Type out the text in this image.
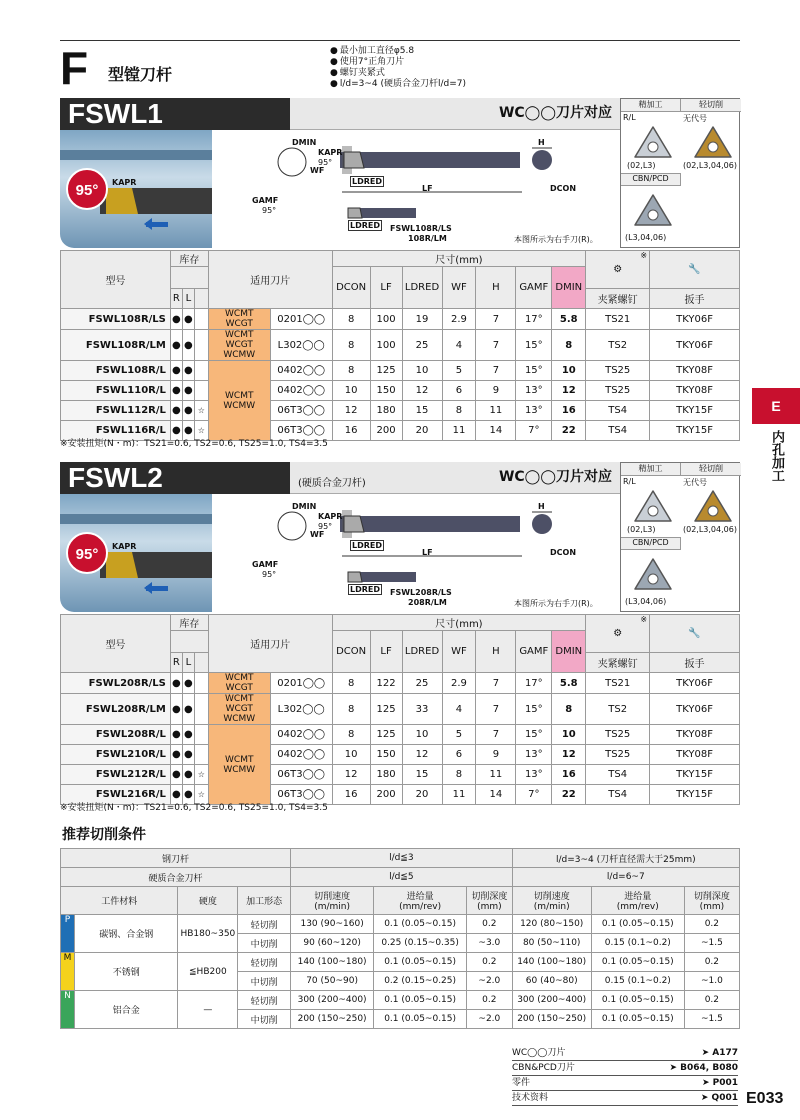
F 型镗刀杆
● 最小加工直径φ5.8
● 使用7°正角刀片
● 螺钉夹紧式
● l/d=3~4 (硬质合金刀杆l/d=7)
FSWL1	WC◯◯刀片对应
95°	KAPR
DMIN
KAPR
95°
WF
LDRED
LF
H
DCON
GAMF
95°
LDRED FSWL108R/LS
108R/LM	本图所示为右手刀(R)。
精加工	轻切削
R/L	无代号
(02,L3)	(02,L3,04,06)
CBN/PCD
(L3,04,06)
型号	库存			适用刀片		尺寸(mm)							⚙
※	🔧
						DCON	LF	LDRED	WF	H	GAMF	DMIN		
	R	L											夹紧螺钉	扳手
FSWL108R/LS	●	●		WCMT
WCGT	0201◯◯	8	100	19	2.9	7	17°	5.8	TS21	TKY06F
FSWL108R/LM	●	●		WCMT
WCGT
WCMW	L302◯◯	8	100	25	4	7	15°	8	TS2	TKY06F
FSWL108R/L	●	●		WCMT
WCMW	0402◯◯	8	125	10	5	7	15°	10	TS25	TKY08F
FSWL110R/L	●	●			0402◯◯	10	150	12	6	9	13°	12	TS25	TKY08F
FSWL112R/L	●	●	☆		06T3◯◯	12	180	15	8	11	13°	16	TS4	TKY15F
FSWL116R/L	●	●	☆		06T3◯◯	16	200	20	11	14	7°	22	TS4	TKY15F
※安装扭矩(N・m)：TS21=0.6, TS2=0.6, TS25=1.0, TS4=3.5
FSWL2	(硬质合金刀杆)	WC◯◯刀片对应
95°	KAPR
DMIN
KAPR
95°
WF
LDRED
LF
H
DCON
GAMF
95°
LDRED FSWL208R/LS
208R/LM	本图所示为右手刀(R)。
精加工	轻切削
R/L	无代号
(02,L3)	(02,L3,04,06)
CBN/PCD
(L3,04,06)
型号	库存			适用刀片		尺寸(mm)							⚙
※	🔧
						DCON	LF	LDRED	WF	H	GAMF	DMIN		
	R	L											夹紧螺钉	扳手
FSWL208R/LS	●	●		WCMT
WCGT	0201◯◯	8	122	25	2.9	7	17°	5.8	TS21	TKY06F
FSWL208R/LM	●	●		WCMT
WCGT
WCMW	L302◯◯	8	125	33	4	7	15°	8	TS2	TKY06F
FSWL208R/L	●	●		WCMT
WCMW	0402◯◯	8	125	10	5	7	15°	10	TS25	TKY08F
FSWL210R/L	●	●			0402◯◯	10	150	12	6	9	13°	12	TS25	TKY08F
FSWL212R/L	●	●	☆		06T3◯◯	12	180	15	8	11	13°	16	TS4	TKY15F
FSWL216R/L	●	●	☆		06T3◯◯	16	200	20	11	14	7°	22	TS4	TKY15F
※安装扭矩(N・m)：TS21=0.6, TS2=0.6, TS25=1.0, TS4=3.5
E
内孔加工
推荐切削条件
钢刀杆				l/d≦3			l/d=3~4 (刀杆直径需大于25mm)		
硬质合金刀杆				l/d≦5			l/d=6~7		
工件材料		硬度	加工形态	切削速度
(m/min)	进给量
(mm/rev)	切削深度
(mm)	切削速度
(m/min)	进给量
(mm/rev)	切削深度
(mm)
P	碳钢、合金钢	HB180~350	轻切削	130 (90~160)	0.1 (0.05~0.15)	0.2	120 (80~150)	0.1 (0.05~0.15)	0.2
			中切削	90 (60~120)	0.25 (0.15~0.35)	~3.0	80 (50~110)	0.15 (0.1~0.2)	~1.5
M	不锈钢	≦HB200	轻切削	140 (100~180)	0.1 (0.05~0.15)	0.2	140 (100~180)	0.1 (0.05~0.15)	0.2
			中切削	70 (50~90)	0.2 (0.15~0.25)	~2.0	60 (40~80)	0.15 (0.1~0.2)	~1.0
N	铝合金	—	轻切削	300 (200~400)	0.1 (0.05~0.15)	0.2	300 (200~400)	0.1 (0.05~0.15)	0.2
			中切削	200 (150~250)	0.1 (0.05~0.15)	~2.0	200 (150~250)	0.1 (0.05~0.15)	~1.5
WC◯◯刀片	➤ A177
CBN&PCD刀片	➤ B064, B080
零件	➤ P001
技术资料	➤ Q001 E033
